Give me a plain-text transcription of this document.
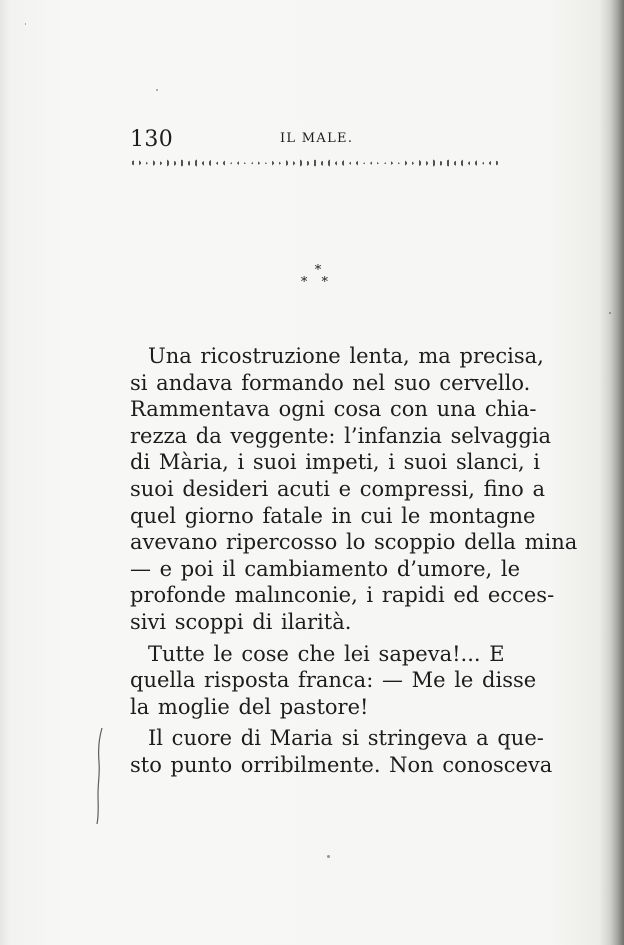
130	IL MALE.
*
* *
Una ricostruzione lenta, ma precisa,
si andava formando nel suo cervello.
Rammentava ogni cosa con una chia-
rezza da veggente: l’infanzia selvaggia
di Mària, i suoi impeti, i suoi slanci, i
suoi desideri acuti e compressi, fino a
quel giorno fatale in cui le montagne
avevano ripercosso lo scoppio della mina
— e poi il cambiamento d’umore, le
profonde malınconie, i rapidi ed ecces-
sivi scoppi di ilarità.
Tutte le cose che lei sapeva!... E
quella risposta franca: — Me le disse
la moglie del pastore!
Il cuore di Maria si stringeva a que-
sto punto orribilmente. Non conosceva
